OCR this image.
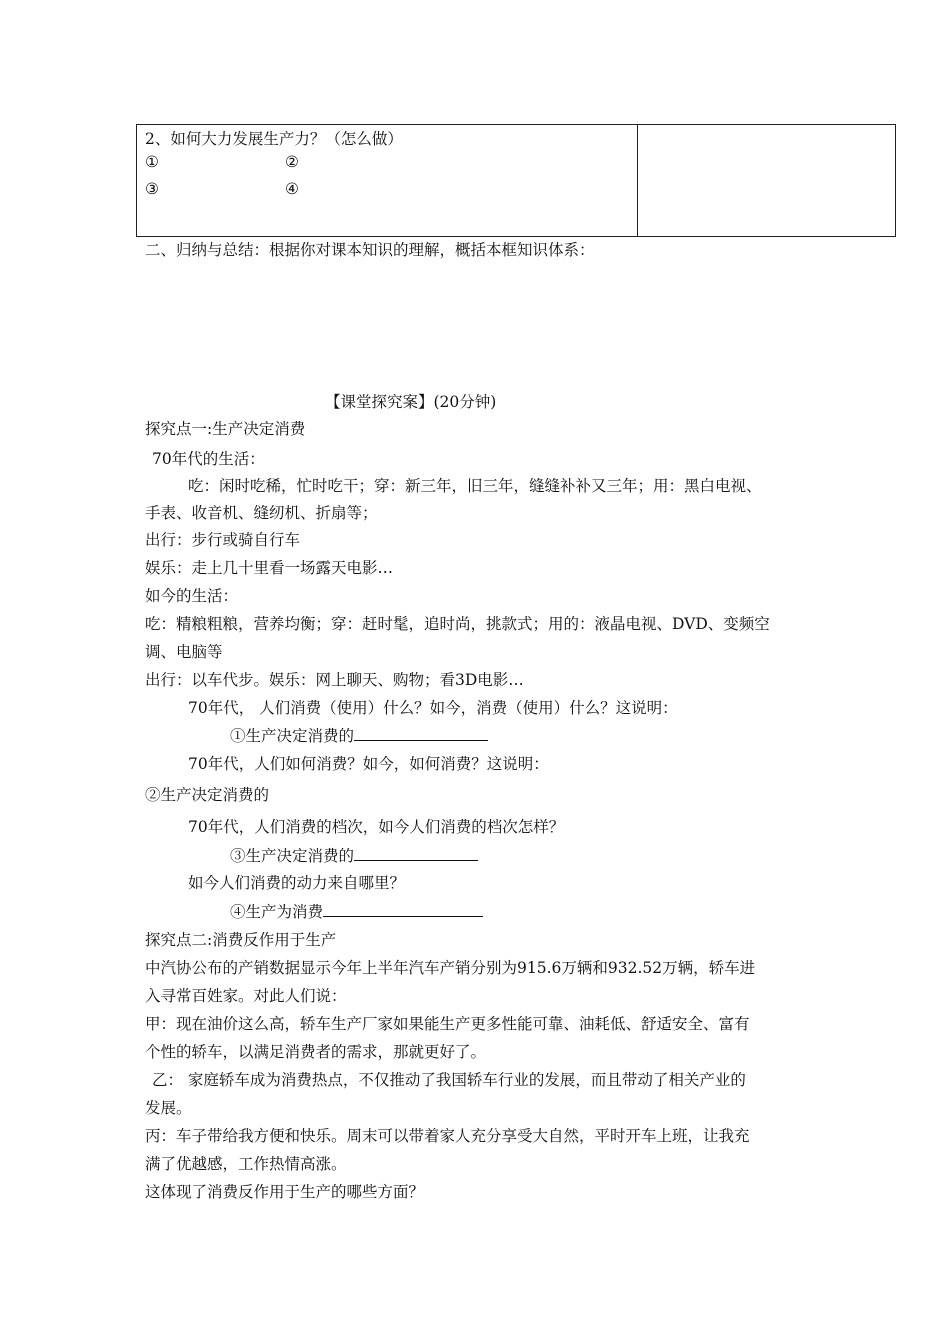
2、如何大力发展生产力？（怎么做）
①	②
③	④
二、归纳与总结：根据你对课本知识的理解，概括本框知识体系：
【课堂探究案】(20分钟)
探究点一:生产决定消费
70年代的生活：
吃：闲时吃稀，忙时吃干；穿：新三年，旧三年，缝缝补补又三年；用：黑白电视、
手表、收音机、缝纫机、折扇等；
出行：步行或骑自行车
娱乐：走上几十里看一场露天电影…
如今的生活：
吃：精粮粗粮，营养均衡；穿：赶时髦，追时尚，挑款式；用的：液晶电视、DVD、变频空
调、电脑等
出行：以车代步。娱乐：网上聊天、购物；看3D电影…
70年代， 人们消费（使用）什么？如今，消费（使用）什么？这说明：
①生产决定消费的
70年代，人们如何消费？如今，如何消费？这说明：
②生产决定消费的
70年代，人们消费的档次，如今人们消费的档次怎样？
③生产决定消费的
如今人们消费的动力来自哪里？
④生产为消费
探究点二:消费反作用于生产
中汽协公布的产销数据显示今年上半年汽车产销分别为915.6万辆和932.52万辆，轿车进
入寻常百姓家。对此人们说：
甲：现在油价这么高，轿车生产厂家如果能生产更多性能可靠、油耗低、舒适安全、富有
个性的轿车，以满足消费者的需求，那就更好了。
乙： 家庭轿车成为消费热点，不仅推动了我国轿车行业的发展，而且带动了相关产业的
发展。
丙：车子带给我方便和快乐。周末可以带着家人充分享受大自然，平时开车上班，让我充
满了优越感，工作热情高涨。
这体现了消费反作用于生产的哪些方面？
